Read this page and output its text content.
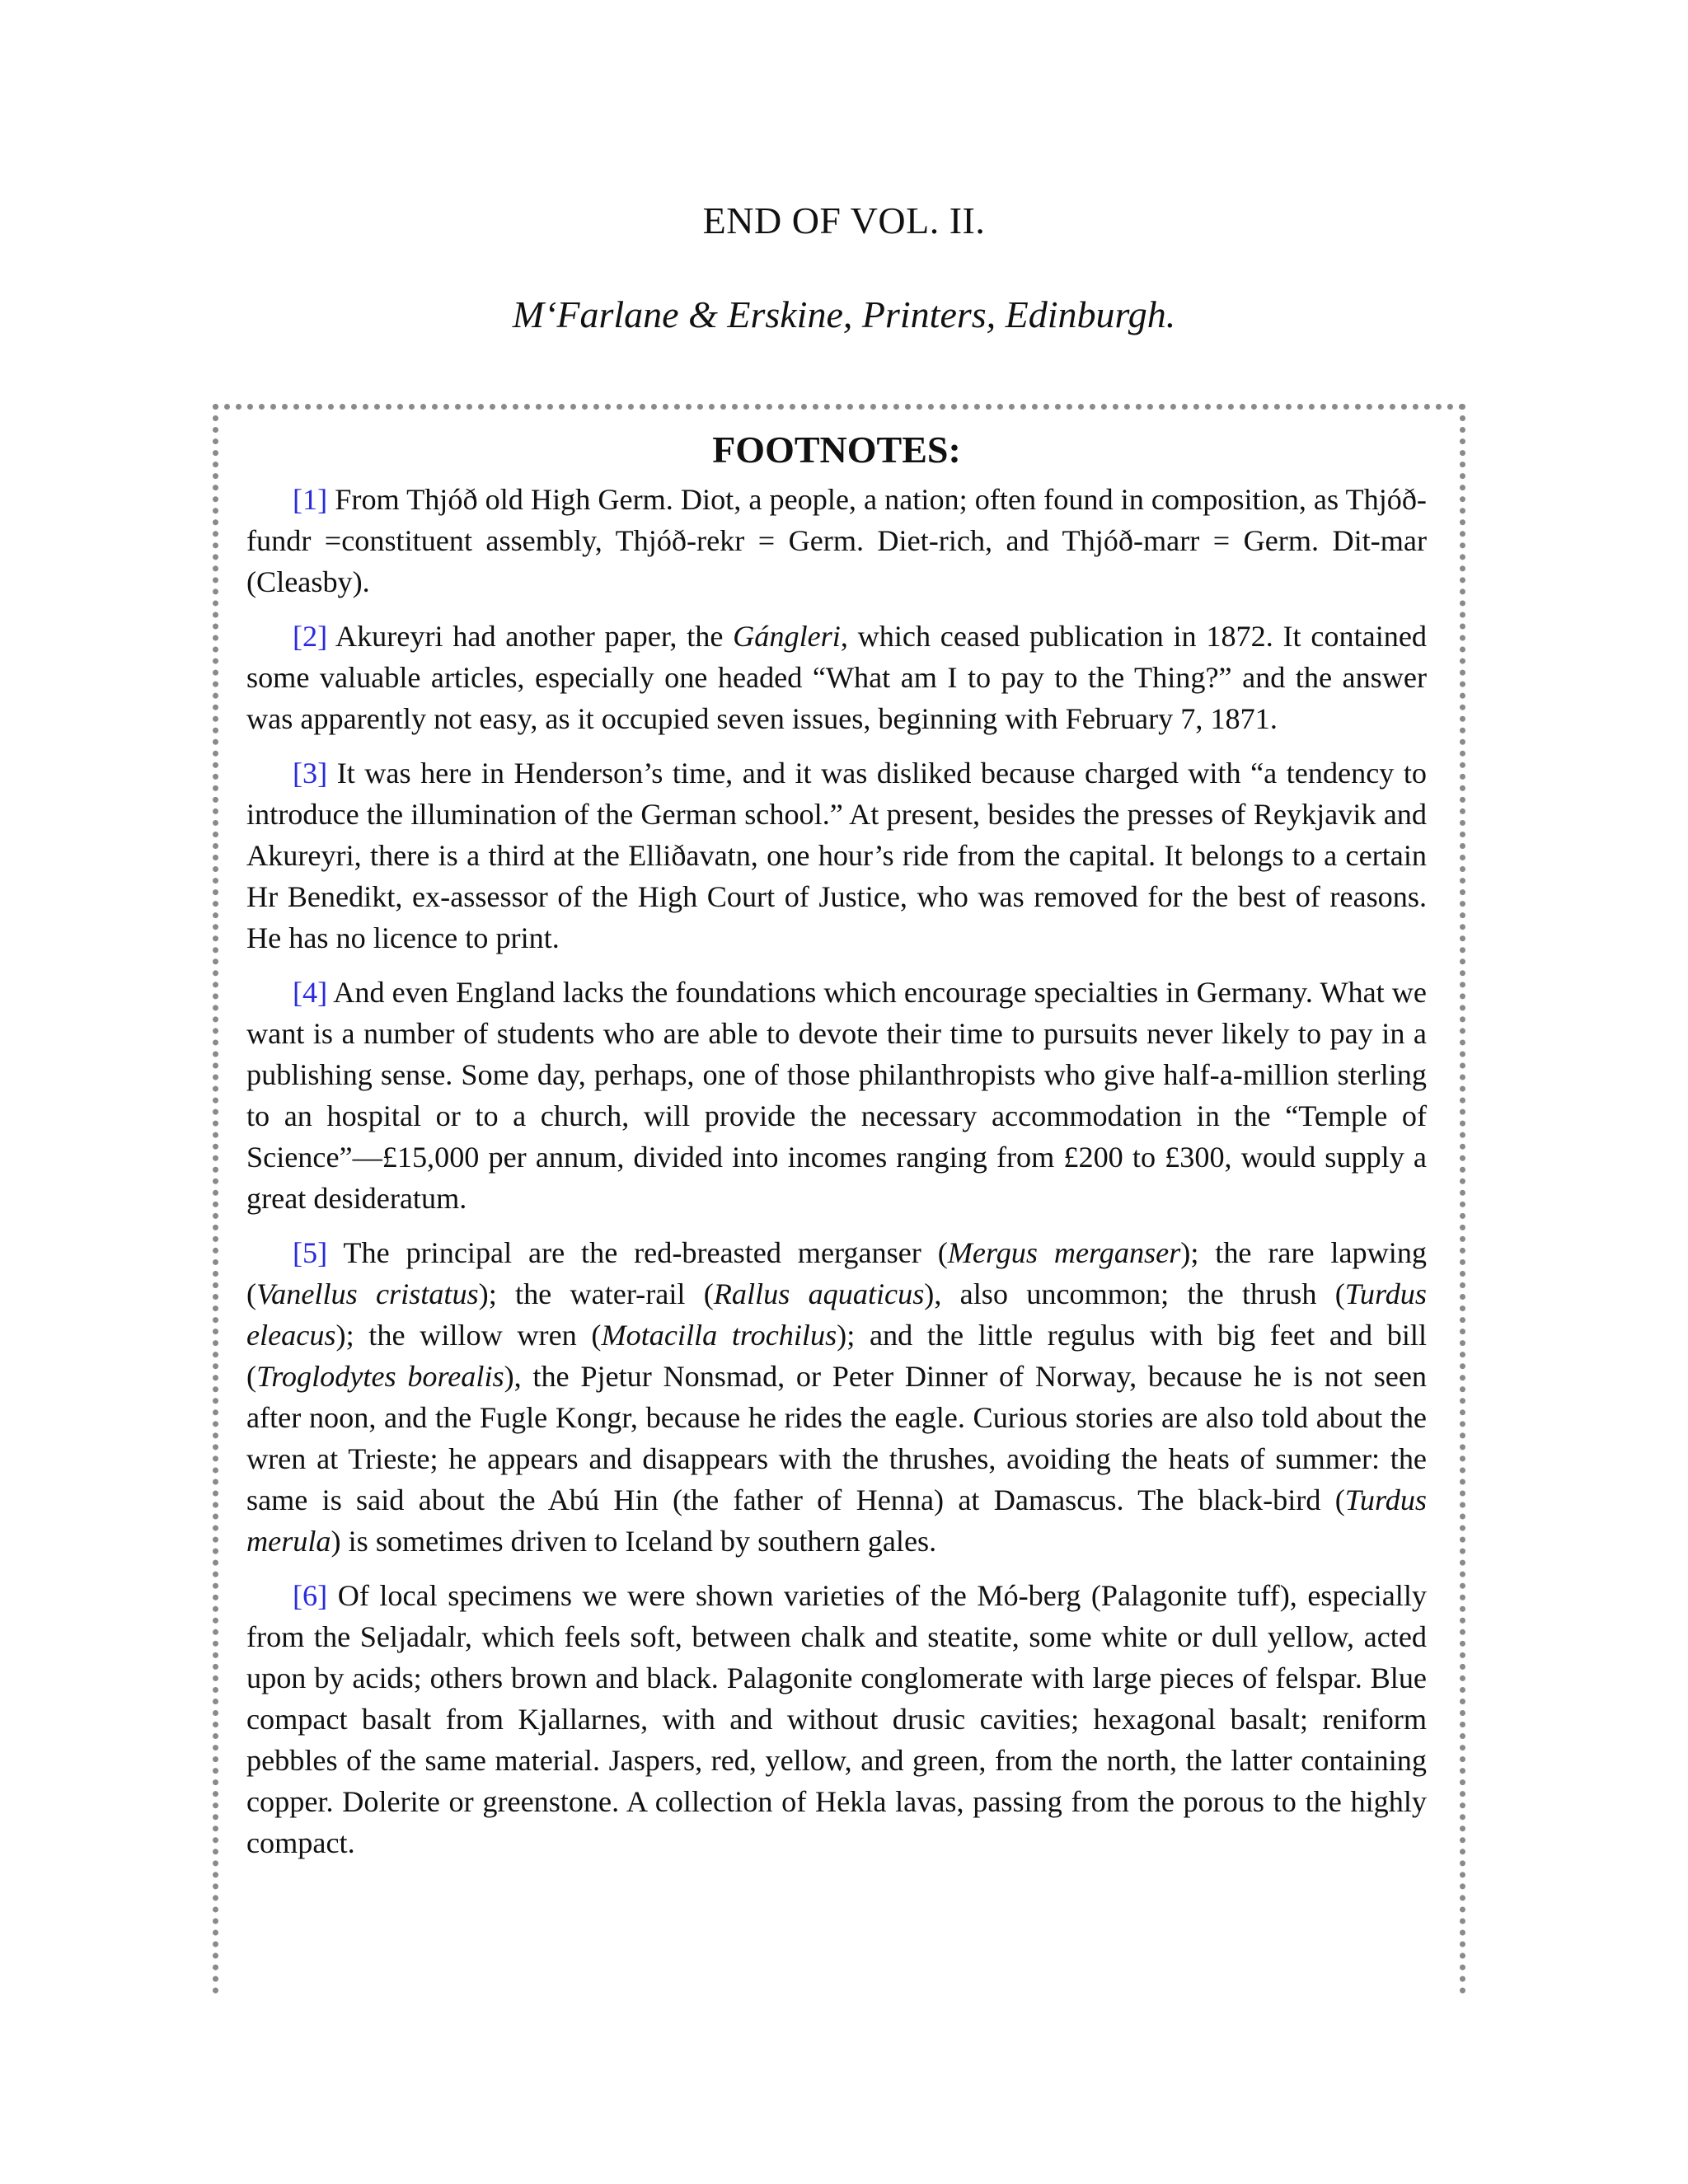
END OF VOL. II.
M‘Farlane & Erskine, Printers, Edinburgh.
FOOTNOTES:

[1] From Thjóð old High Germ. Diot, a people, a nation; often found in composition, as Thjóð-fundr =constituent assembly, Thjóð-rekr = Germ. Diet-rich, and Thjóð-marr = Germ. Dit-mar (Cleasby).

[2] Akureyri had another paper, the Gángleri, which ceased publication in 1872. It contained some valuable articles, especially one headed “What am I to pay to the Thing?” and the answer was apparently not easy, as it occupied seven issues, beginning with February 7, 1871.

[3] It was here in Henderson’s time, and it was disliked because charged with “a tendency to introduce the illumination of the German school.” At present, besides the presses of Reykjavik and Akureyri, there is a third at the Elliðavatn, one hour’s ride from the capital. It belongs to a certain Hr Benedikt, ex-assessor of the High Court of Justice, who was removed for the best of reasons. He has no licence to print.

[4] And even England lacks the foundations which encourage specialties in Germany. What we want is a number of students who are able to devote their time to pursuits never likely to pay in a publishing sense. Some day, perhaps, one of those philanthropists who give half-a-million sterling to an hospital or to a church, will provide the necessary accommodation in the “Temple of Science”—£15,000 per annum, divided into incomes ranging from £200 to £300, would supply a great desideratum.

[5] The principal are the red-breasted merganser (Mergus merganser); the rare lapwing (Vanellus cristatus); the water-rail (Rallus aquaticus), also uncommon; the thrush (Turdus eleacus); the willow wren (Motacilla trochilus); and the little regulus with big feet and bill (Troglodytes borealis), the Pjetur Nonsmad, or Peter Dinner of Norway, because he is not seen after noon, and the Fugle Kongr, because he rides the eagle. Curious stories are also told about the wren at Trieste; he appears and disappears with the thrushes, avoiding the heats of summer: the same is said about the Abú Hin (the father of Henna) at Damascus. The black-bird (Turdus merula) is sometimes driven to Iceland by southern gales.

[6] Of local specimens we were shown varieties of the Mó-berg (Palagonite tuff), especially from the Seljadalr, which feels soft, between chalk and steatite, some white or dull yellow, acted upon by acids; others brown and black. Palagonite conglomerate with large pieces of felspar. Blue compact basalt from Kjallarnes, with and without drusic cavities; hexagonal basalt; reniform pebbles of the same material. Jaspers, red, yellow, and green, from the north, the latter containing copper. Dolerite or greenstone. A collection of Hekla lavas, passing from the porous to the highly compact.
